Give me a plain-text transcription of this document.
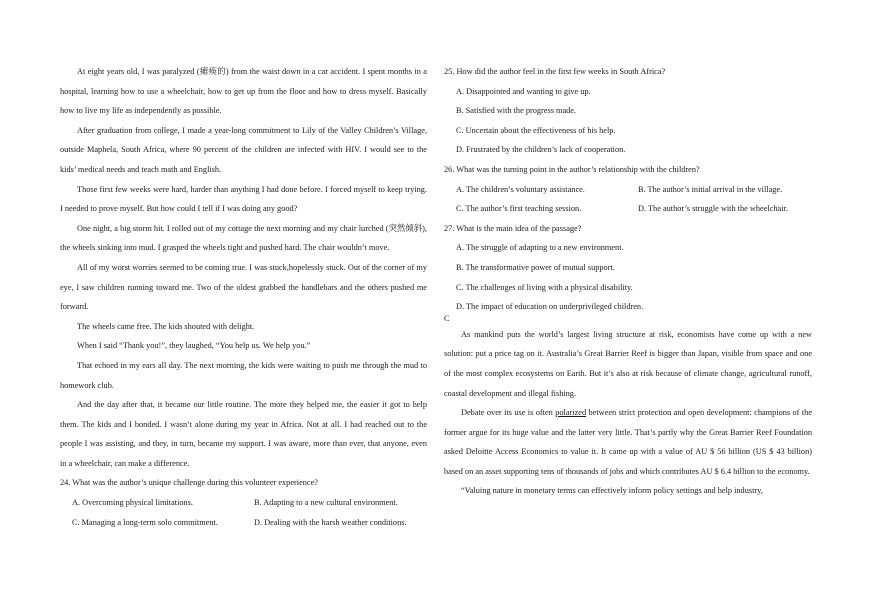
At eight years old, I was paralyzed (瘫痪的) from the waist down in a car accident. I spent months in a hospital, learning how to use a wheelchair, how to get up from the floor and how to dress myself. Basically how to live my life as independently as possible.

After graduation from college, I made a year-long commitment to Lily of the Valley Children’s Village, outside Maphela, South Africa, where 90 percent of the children are infected with HIV. I would see to the kids’ medical needs and teach math and English.

Those first few weeks were hard, harder than anything I had done before. I forced myself to keep trying. I needed to prove myself. But how could I tell if I was doing any good?

One night, a big storm hit. I rolled out of my cottage the next morning and my chair lurched (突然倾斜), the wheels sinking into mud. I grasped the wheels tight and pushed hard. The chair wouldn’t move.

All of my worst worries seemed to be coming true. I was stuck,hopelessly stuck. Out of the corner of my eye, I saw children running toward me. Two of the oldest grabbed the handlebars and the others pushed me forward.

The wheels came free. The kids shouted with delight.

When I said “Thank you!”, they laughed, “You help us. We help you.”

That echoed in my ears all day. The next morning, the kids were waiting to push me through the mud to homework club.

And the day after that, it became our little routine. The more they helped me, the easier it got to help them. The kids and I bonded. I wasn’t alone during my year in Africa. Not at all. I had reached out to the people I was assisting, and they, in turn, became my support. I was aware, more than ever, that anyone, even in a wheelchair, can make a difference.

24. What was the author’s unique challenge during this volunteer experience?

A. Overcoming physical limitations.	B. Adapting to a new cultural environment.
C. Managing a long-term solo commitment.	D. Dealing with the harsh weather conditions.

25. How did the author feel in the first few weeks in South Africa?

A. Disappointed and wanting to give up.

B. Satisfied with the progress made.

C. Uncertain about the effectiveness of his help.

D. Frustrated by the children’s lack of cooperation.

26. What was the turning point in the author’s relationship with the children?

A. The children’s voluntary assistance.	B. The author’s initial arrival in the village.
C. The author’s first teaching session.	D. The author’s struggle with the wheelchair.

27. What is the main idea of the passage?

A. The struggle of adapting to a new environment.

B. The transformative power of mutual support.

C. The challenges of living with a physical disability.

D. The impact of education on underprivileged children.

C

As mankind puts the world’s largest living structure at risk, economists have come up with a new solution: put a price tag on it. Australia’s Great Barrier Reef is bigger than Japan, visible from space and one of the most complex ecosystems on Earth. But it’s also at risk because of climate change, agricultural runoff, coastal development and illegal fishing.

Debate over its use is often polarized between strict protection and open development: champions of the former argue for its huge value and the latter very little. That’s partly why the Great Barrier Reef Foundation asked Deloitte Access Economics to value it. It came up with a value of AU $ 56 billion (US $ 43 billion) based on an asset supporting tens of thousands of jobs and which contributes AU $ 6.4 billion to the economy.

“Valuing nature in monetary terms can effectively inform policy settings and help industry,
